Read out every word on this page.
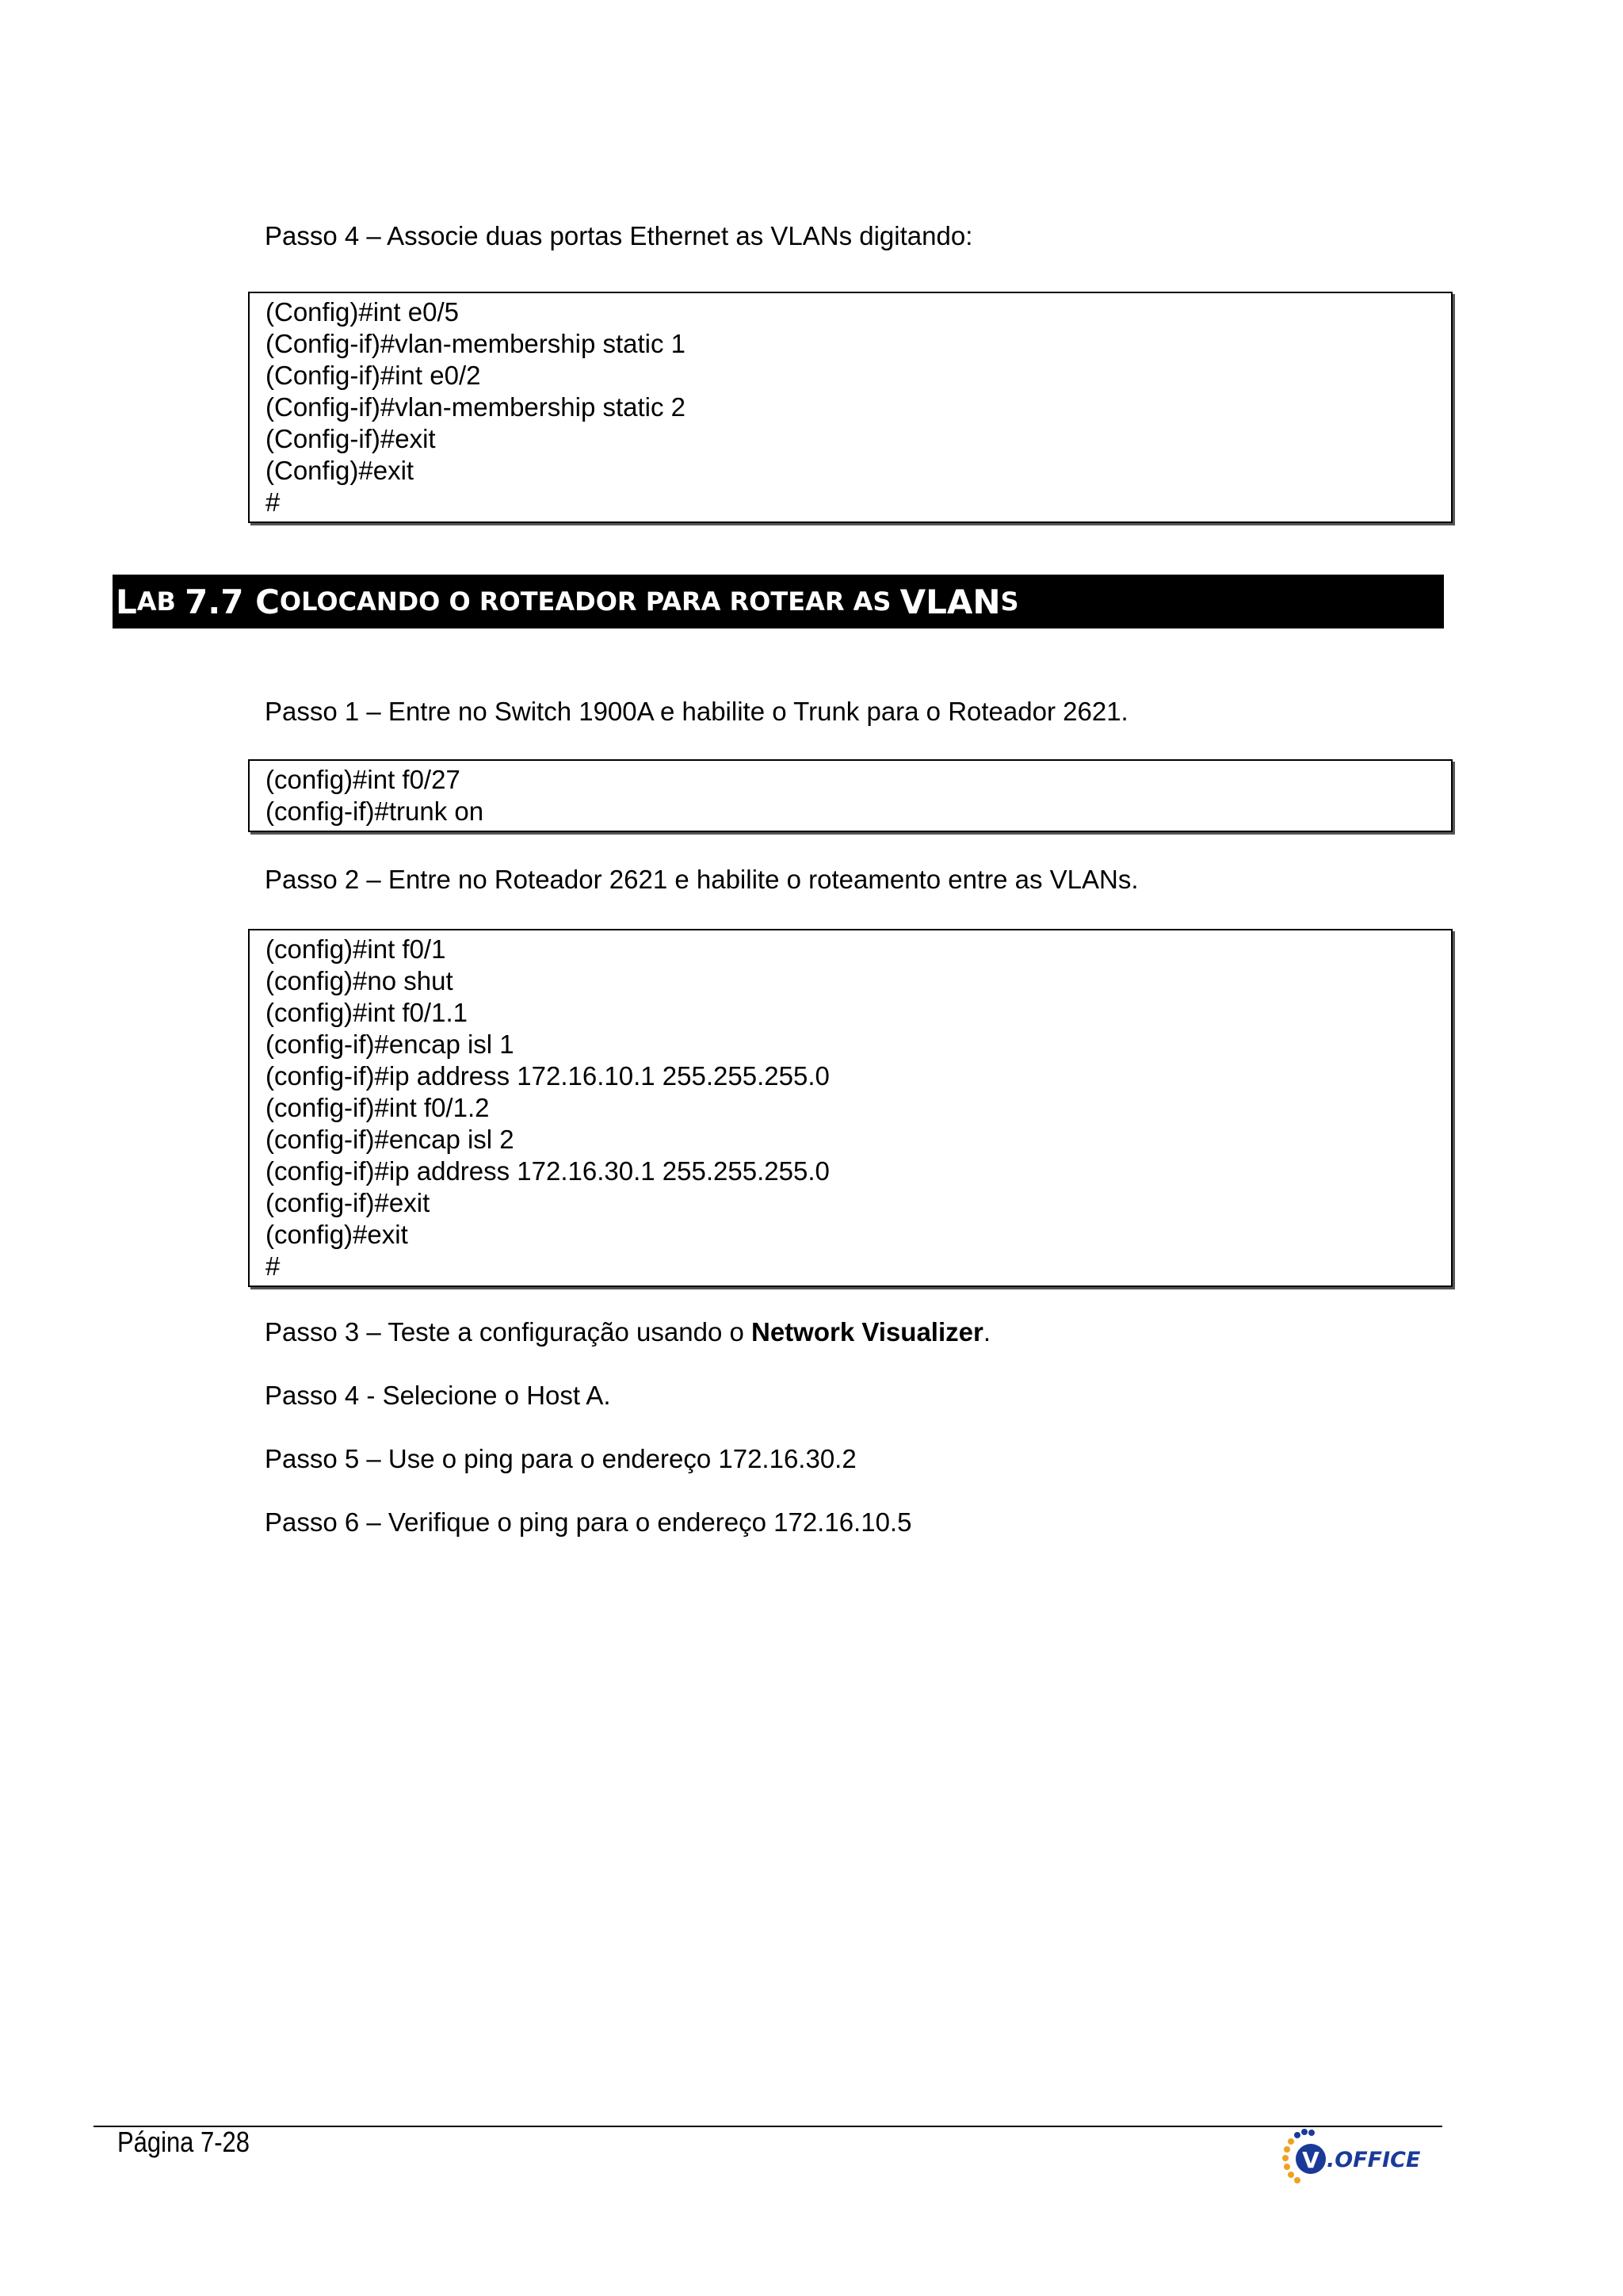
Passo 4 – Associe duas portas Ethernet as VLANs digitando:

(Config)#int e0/5
(Config-if)#vlan-membership static 1
(Config-if)#int e0/2
(Config-if)#vlan-membership static 2
(Config-if)#exit
(Config)#exit
#
L AB 7.7 C OLOCANDO O ROTEADOR PARA ROTEAR AS VLAN S

Passo 1 – Entre no Switch 1900A e habilite o Trunk para o Roteador 2621.

(config)#int f0/27
(config-if)#trunk on

Passo 2 – Entre no Roteador 2621 e habilite o roteamento entre as VLANs.

(config)#int f0/1
(config)#no shut
(config)#int f0/1.1
(config-if)#encap isl 1
(config-if)#ip address 172.16.10.1 255.255.255.0
(config-if)#int f0/1.2
(config-if)#encap isl 2
(config-if)#ip address 172.16.30.1 255.255.255.0
(config-if)#exit
(config)#exit
#

Passo 3 – Teste a configuração usando o Network Visualizer.

Passo 4 - Selecione o Host A.

Passo 5 – Use o ping para o endereço 172.16.30.2

Passo 6 – Verifique o ping para o endereço 172.16.10.5

Página 7-28
V .OFFICE
